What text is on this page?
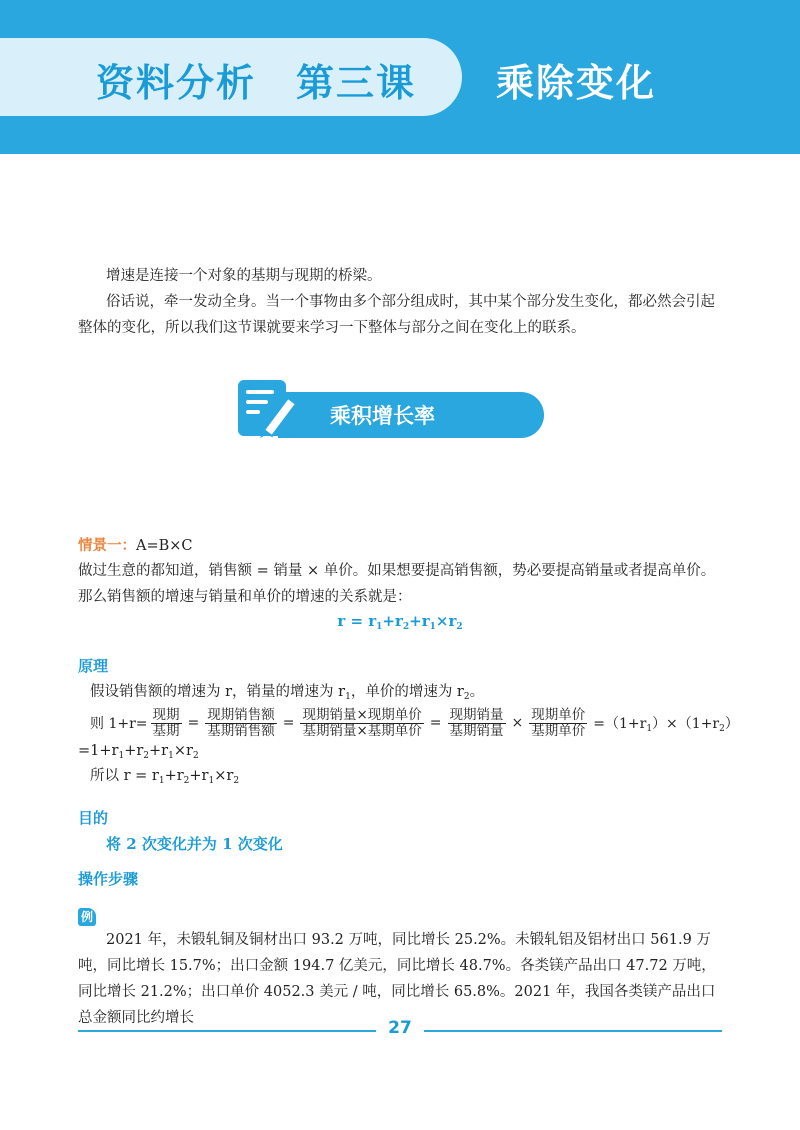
资料分析 第三课 乘除变化

增速是连接一个对象的基期与现期的桥梁。

俗话说，牵一发动全身。当一个事物由多个部分组成时，其中某个部分发生变化，都必然会引起整体的变化，所以我们这节课就要来学习一下整体与部分之间在变化上的联系。

乘积增长率

情景一：A=B×C

做过生意的都知道，销售额 = 销量 × 单价。如果想要提高销售额，势必要提高销量或者提高单价。那么销售额的增速与销量和单价的增速的关系就是：

$r = r_1+r_2+r_1\times r_2$

原理

假设销售额的增速为 r，销量的增速为 $r_1$，单价的增速为 $r_2$。

则 $1+r= \frac{\text{现期}}{\text{基期}} = \frac{\text{现期销售额}}{\text{基期销售额}} = \frac{\text{现期销量×现期单价}}{\text{基期销量×基期单价}} = \frac{\text{现期销量}}{\text{基期销量}} \times \frac{\text{现期单价}}{\text{基期单价}} =(1+r_1)\times(1+r_2)$

$=1+r_1+r_2+r_1\times r_2$

所以 $r = r_1+r_2+r_1\times r_2$

目的

将 2 次变化并为 1 次变化

操作步骤

例

2021 年，未锻轧铜及铜材出口 93.2 万吨，同比增长 25.2%。未锻轧铝及铝材出口 561.9 万吨，同比增长 15.7%；出口金额 194.7 亿美元，同比增长 48.7%。各类镁产品出口 47.72 万吨，同比增长 21.2%；出口单价 4052.3 美元 / 吨，同比增长 65.8%。2021 年，我国各类镁产品出口总金额同比约增长	27
